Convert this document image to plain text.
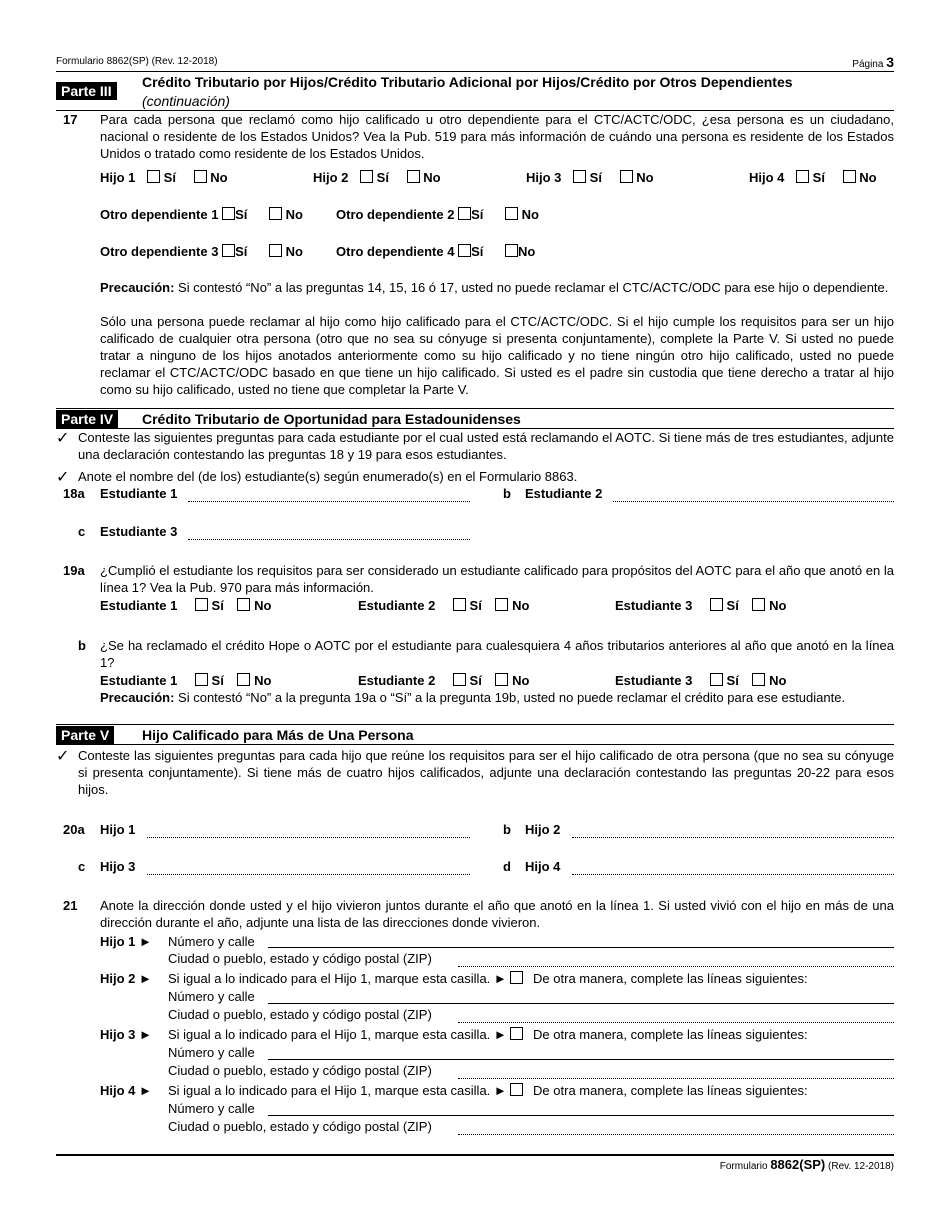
Formulario 8862(SP) (Rev. 12-2018)	Página 3
Parte III
Crédito Tributario por Hijos/Crédito Tributario Adicional por Hijos/Crédito por Otros Dependientes
(continuación)
17 Para cada persona que reclamó como hijo calificado u otro dependiente para el CTC/ACTC/ODC, ¿esa persona es un ciudadano, nacional o residente de los Estados Unidos? Vea la Pub. 519 para más información de cuándo una persona es residente de los Estados Unidos o tratado como residente de los Estados Unidos.
Hijo 1 Sí	No	Hijo 2 Sí	No	Hijo 3 Sí	No	Hijo 4 Sí	No
Otro dependiente 1 Sí	No	Otro dependiente 2 Sí	No
Otro dependiente 3 Sí	No	Otro dependiente 4 Sí	No
Precaución: Si contestó “No” a las preguntas 14, 15, 16 ó 17, usted no puede reclamar el CTC/ACTC/ODC para ese hijo o dependiente.
Sólo una persona puede reclamar al hijo como hijo calificado para el CTC/ACTC/ODC. Si el hijo cumple los requisitos para ser un hijo calificado de cualquier otra persona (otro que no sea su cónyuge si presenta conjuntamente), complete la Parte V. Si usted no puede tratar a ninguno de los hijos anotados anteriormente como su hijo calificado y no tiene ningún otro hijo calificado, usted no puede reclamar el CTC/ACTC/ODC basado en que tiene un hijo calificado. Si usted es el padre sin custodia que tiene derecho a tratar al hijo como su hijo calificado, usted no tiene que completar la Parte V.
Parte IV	Crédito Tributario de Oportunidad para Estadounidenses
✓ Conteste las siguientes preguntas para cada estudiante por el cual usted está reclamando el AOTC. Si tiene más de tres estudiantes, adjunte una declaración contestando las preguntas 18 y 19 para esos estudiantes.
✓ Anote el nombre del (de los) estudiante(s) según enumerado(s) en el Formulario 8863.
18a Estudiante 1	b Estudiante 2
c Estudiante 3
19a ¿Cumplió el estudiante los requisitos para ser considerado un estudiante calificado para propósitos del AOTC para el año que anotó en la línea 1? Vea la Pub. 970 para más información.
Estudiante 1	Sí No	Estudiante 2	Sí No	Estudiante 3	Sí No
b ¿Se ha reclamado el crédito Hope o AOTC por el estudiante para cualesquiera 4 años tributarios anteriores al año que anotó en la línea 1?
Estudiante 1	Sí No	Estudiante 2	Sí No	Estudiante 3	Sí No
Precaución: Si contestó “No” a la pregunta 19a o “Sí” a la pregunta 19b, usted no puede reclamar el crédito para ese estudiante.
Parte V	Hijo Calificado para Más de Una Persona
✓ Conteste las siguientes preguntas para cada hijo que reúne los requisitos para ser el hijo calificado de otra persona (que no sea su cónyuge si presenta conjuntamente). Si tiene más de cuatro hijos calificados, adjunte una declaración contestando las preguntas 20-22 para esos hijos.
20a Hijo 1	b Hijo 2
c Hijo 3	d Hijo 4
21 Anote la dirección donde usted y el hijo vivieron juntos durante el año que anotó en la línea 1. Si usted vivió con el hijo en más de una dirección durante el año, adjunte una lista de las direcciones donde vivieron.
Hijo 1 ► Número y calle
Ciudad o pueblo, estado y código postal (ZIP)
Hijo 2 ► Si igual a lo indicado para el Hijo 1, marque esta casilla. ► De otra manera, complete las líneas siguientes:
Número y calle
Ciudad o pueblo, estado y código postal (ZIP)
Hijo 3 ► Si igual a lo indicado para el Hijo 1, marque esta casilla. ► De otra manera, complete las líneas siguientes:
Número y calle
Ciudad o pueblo, estado y código postal (ZIP)
Hijo 4 ► Si igual a lo indicado para el Hijo 1, marque esta casilla. ► De otra manera, complete las líneas siguientes:
Número y calle
Ciudad o pueblo, estado y código postal (ZIP)
Formulario 8862(SP) (Rev. 12-2018)
